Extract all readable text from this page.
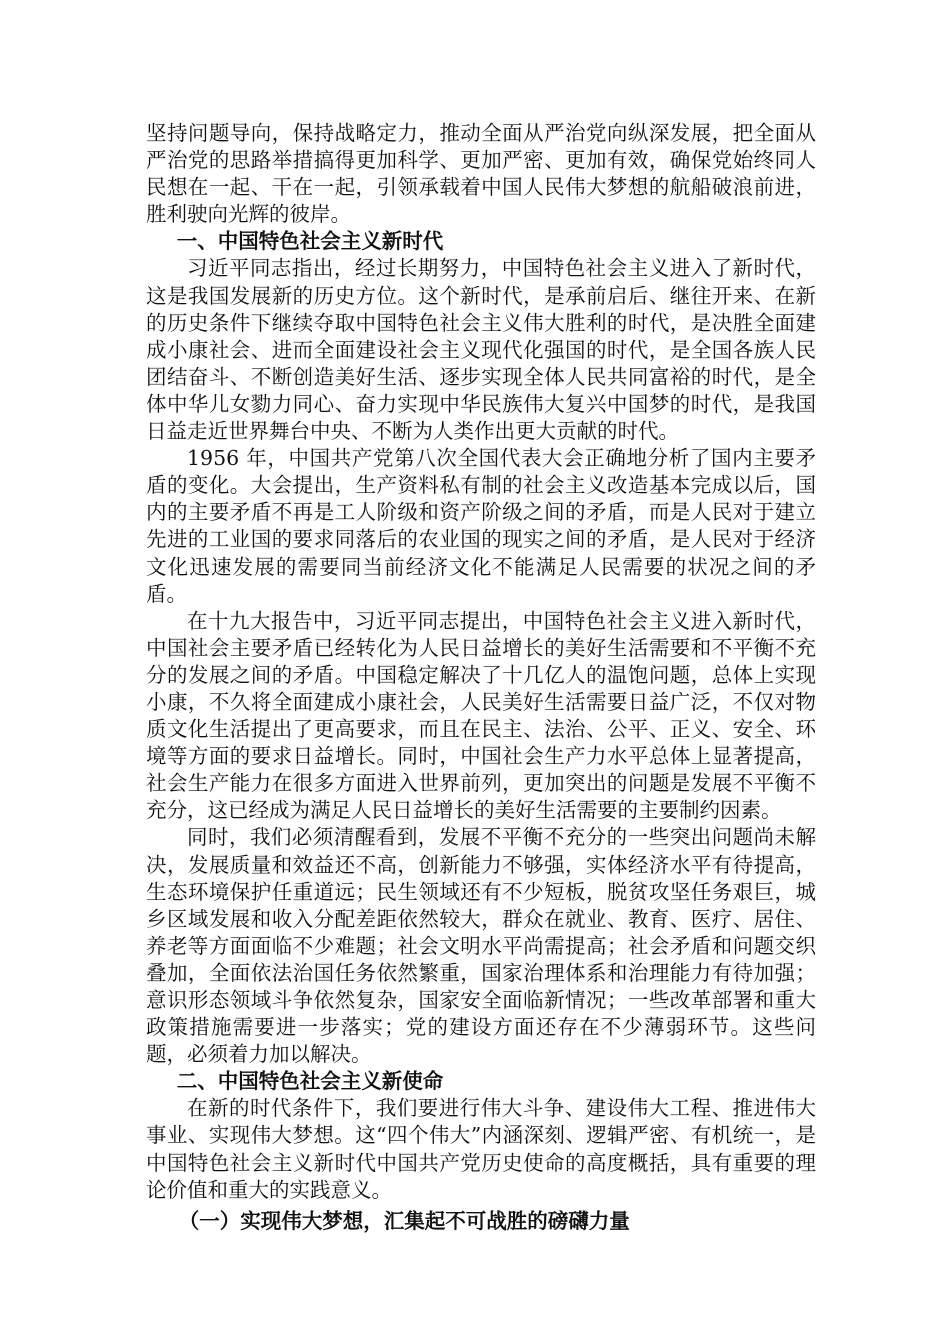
坚持问题导向，保持战略定力，推动全面从严治党向纵深发展，把全面从严治党的思路举措搞得更加科学、更加严密、更加有效，确保党始终同人民想在一起、干在一起，引领承载着中国人民伟大梦想的航船破浪前进，胜利驶向光辉的彼岸。

一、中国特色社会主义新时代

习近平同志指出，经过长期努力，中国特色社会主义进入了新时代，这是我国发展新的历史方位。这个新时代，是承前启后、继往开来、在新的历史条件下继续夺取中国特色社会主义伟大胜利的时代，是决胜全面建成小康社会、进而全面建设社会主义现代化强国的时代，是全国各族人民团结奋斗、不断创造美好生活、逐步实现全体人民共同富裕的时代，是全体中华儿女勠力同心、奋力实现中华民族伟大复兴中国梦的时代，是我国日益走近世界舞台中央、不断为人类作出更大贡献的时代。

1956 年，中国共产党第八次全国代表大会正确地分析了国内主要矛盾的变化。大会提出，生产资料私有制的社会主义改造基本完成以后，国内的主要矛盾不再是工人阶级和资产阶级之间的矛盾，而是人民对于建立先进的工业国的要求同落后的农业国的现实之间的矛盾，是人民对于经济文化迅速发展的需要同当前经济文化不能满足人民需要的状况之间的矛盾。

在十九大报告中，习近平同志提出，中国特色社会主义进入新时代，中国社会主要矛盾已经转化为人民日益增长的美好生活需要和不平衡不充分的发展之间的矛盾。中国稳定解决了十几亿人的温饱问题，总体上实现小康，不久将全面建成小康社会，人民美好生活需要日益广泛，不仅对物质文化生活提出了更高要求，而且在民主、法治、公平、正义、安全、环境等方面的要求日益增长。同时，中国社会生产力水平总体上显著提高，社会生产能力在很多方面进入世界前列，更加突出的问题是发展不平衡不充分，这已经成为满足人民日益增长的美好生活需要的主要制约因素。

同时，我们必须清醒看到，发展不平衡不充分的一些突出问题尚未解决，发展质量和效益还不高，创新能力不够强，实体经济水平有待提高，生态环境保护任重道远；民生领域还有不少短板，脱贫攻坚任务艰巨，城乡区域发展和收入分配差距依然较大，群众在就业、教育、医疗、居住、养老等方面面临不少难题；社会文明水平尚需提高；社会矛盾和问题交织叠加，全面依法治国任务依然繁重，国家治理体系和治理能力有待加强；意识形态领域斗争依然复杂，国家安全面临新情况；一些改革部署和重大政策措施需要进一步落实；党的建设方面还存在不少薄弱环节。这些问题，必须着力加以解决。

二、中国特色社会主义新使命

在新的时代条件下，我们要进行伟大斗争、建设伟大工程、推进伟大事业、实现伟大梦想。这“四个伟大”内涵深刻、逻辑严密、有机统一，是中国特色社会主义新时代中国共产党历史使命的高度概括，具有重要的理论价值和重大的实践意义。

（一）实现伟大梦想，汇集起不可战胜的磅礴力量
